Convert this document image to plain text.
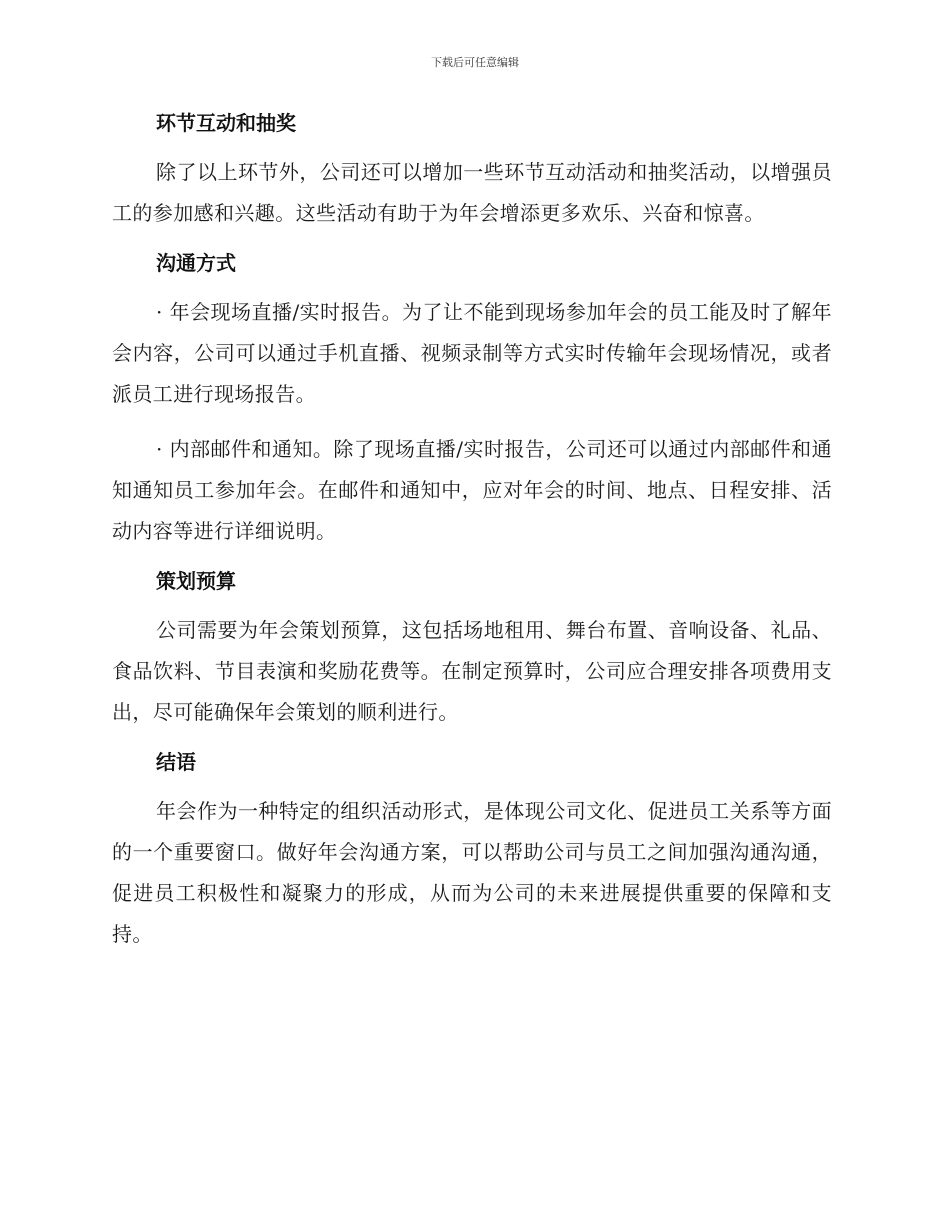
下载后可任意编辑
环节互动和抽奖

除了以上环节外，公司还可以增加一些环节互动活动和抽奖活动，以增强员工的参加感和兴趣。这些活动有助于为年会增添更多欢乐、兴奋和惊喜。

沟通方式

· 年会现场直播/实时报告。为了让不能到现场参加年会的员工能及时了解年会内容，公司可以通过手机直播、视频录制等方式实时传输年会现场情况，或者派员工进行现场报告。

· 内部邮件和通知。除了现场直播/实时报告，公司还可以通过内部邮件和通知通知员工参加年会。在邮件和通知中，应对年会的时间、地点、日程安排、活动内容等进行详细说明。

策划预算

公司需要为年会策划预算，这包括场地租用、舞台布置、音响设备、礼品、食品饮料、节目表演和奖励花费等。在制定预算时，公司应合理安排各项费用支出，尽可能确保年会策划的顺利进行。

结语

年会作为一种特定的组织活动形式，是体现公司文化、促进员工关系等方面的一个重要窗口。做好年会沟通方案，可以帮助公司与员工之间加强沟通沟通，促进员工积极性和凝聚力的形成，从而为公司的未来进展提供重要的保障和支持。
